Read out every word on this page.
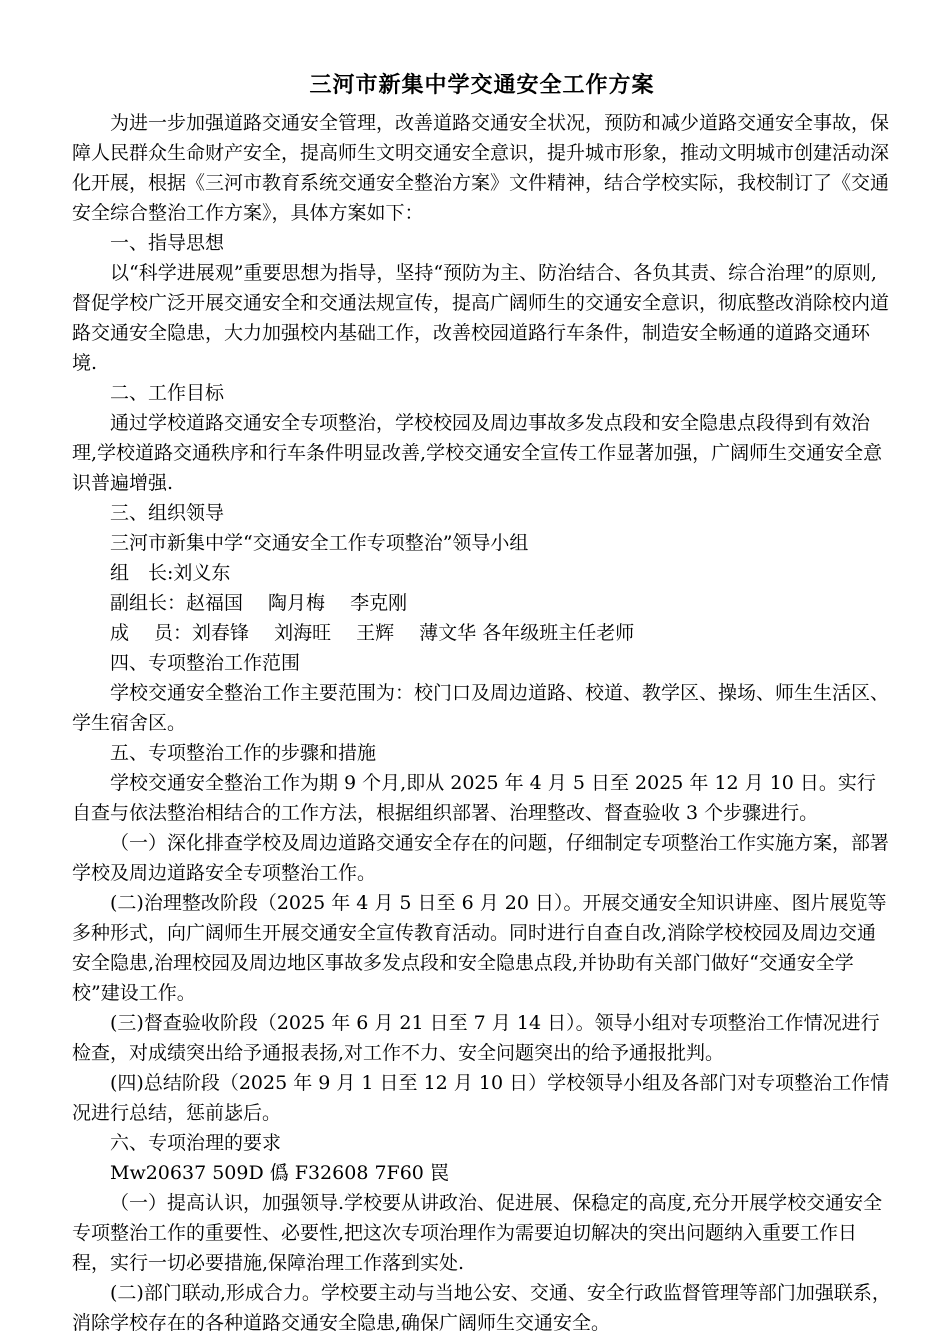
三河市新集中学交通安全工作方案

为进一步加强道路交通安全管理，改善道路交通安全状况，预防和减少道路交通安全事故，保障人民群众生命财产安全，提高师生文明交通安全意识，提升城市形象，推动文明城市创建活动深化开展，根据《三河市教育系统交通安全整治方案》文件精神，结合学校实际，我校制订了《交通安全综合整治工作方案》，具体方案如下：

一、指导思想

以“科学进展观”重要思想为指导，坚持“预防为主、防治结合、各负其责、综合治理”的原则,督促学校广泛开展交通安全和交通法规宣传，提高广阔师生的交通安全意识，彻底整改消除校内道路交通安全隐患，大力加强校内基础工作，改善校园道路行车条件，制造安全畅通的道路交通环境.

二、工作目标

通过学校道路交通安全专项整治，学校校园及周边事故多发点段和安全隐患点段得到有效治理,学校道路交通秩序和行车条件明显改善,学校交通安全宣传工作显著加强，广阔师生交通安全意识普遍增强.

三、组织领导

三河市新集中学“交通安全工作专项整治”领导小组

组　长:刘义东

副组长：赵福国　 陶月梅　 李克刚

成　 员：刘春锋　 刘海旺　 王辉　 薄文华 各年级班主任老师

四、专项整治工作范围

学校交通安全整治工作主要范围为：校门口及周边道路、校道、教学区、操场、师生生活区、学生宿舍区。

五、专项整治工作的步骤和措施

学校交通安全整治工作为期 9 个月,即从 2025 年 4 月 5 日至 2025 年 12 月 10 日。实行自查与依法整治相结合的工作方法，根据组织部署、治理整改、督查验收 3 个步骤进行。

（一）深化排查学校及周边道路交通安全存在的问题，仔细制定专项整治工作实施方案，部署学校及周边道路安全专项整治工作。

(二)治理整改阶段（2025 年 4 月 5 日至 6 月 20 日）。开展交通安全知识讲座、图片展览等多种形式，向广阔师生开展交通安全宣传教育活动。同时进行自查自改,消除学校校园及周边交通安全隐患,治理校园及周边地区事故多发点段和安全隐患点段,并协助有关部门做好“交通安全学校”建设工作。

(三)督查验收阶段（2025 年 6 月 21 日至 7 月 14 日）。领导小组对专项整治工作情况进行检查，对成绩突出给予通报表扬,对工作不力、安全问题突出的给予通报批判。

(四)总结阶段（2025 年 9 月 1 日至 12 月 10 日）学校领导小组及各部门对专项整治工作情况进行总结，惩前毖后。

六、专项治理的要求

Mw20637 509D 僞 F32608 7F60 罠

（一）提高认识，加强领导.学校要从讲政治、促进展、保稳定的高度,充分开展学校交通安全专项整治工作的重要性、必要性,把这次专项治理作为需要迫切解决的突出问题纳入重要工作日程，实行一切必要措施,保障治理工作落到实处.

(二)部门联动,形成合力。学校要主动与当地公安、交通、安全行政监督管理等部门加强联系，消除学校存在的各种道路交通安全隐患,确保广阔师生交通安全。
